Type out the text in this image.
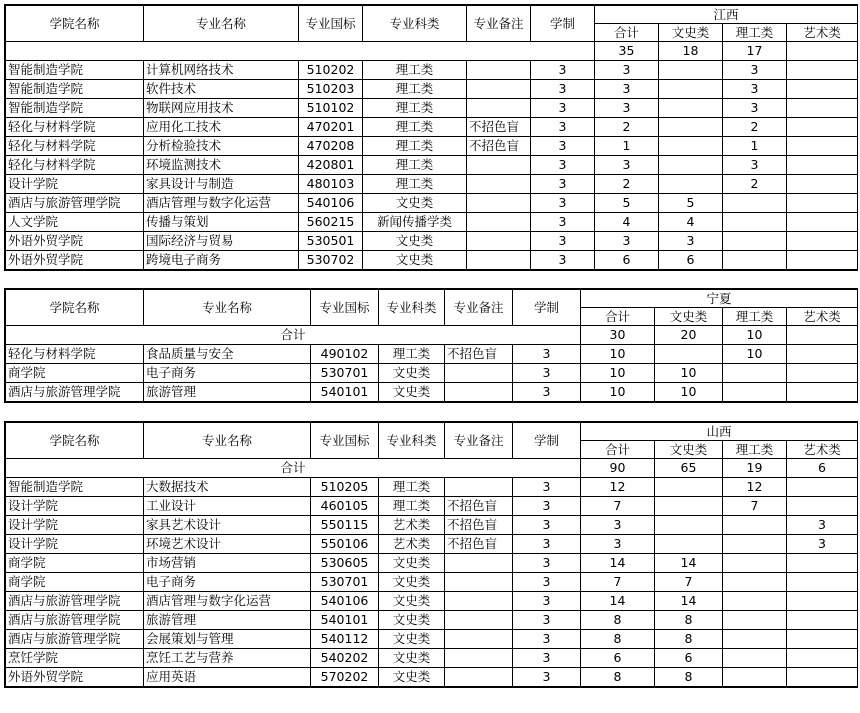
学院名称	专业名称	专业国标	专业科类	专业备注	学制	江西			
						合计	文史类	理工类	艺术类
						35	18	17	
智能制造学院	计算机网络技术	510202	理工类		3	3		3	
智能制造学院	软件技术	510203	理工类		3	3		3	
智能制造学院	物联网应用技术	510102	理工类		3	3		3	
轻化与材料学院	应用化工技术	470201	理工类	不招色盲	3	2		2	
轻化与材料学院	分析检验技术	470208	理工类	不招色盲	3	1		1	
轻化与材料学院	环境监测技术	420801	理工类		3	3		3	
设计学院	家具设计与制造	480103	理工类		3	2		2	
酒店与旅游管理学院	酒店管理与数字化运营	540106	文史类		3	5	5		
人文学院	传播与策划	560215	新闻传播学类		3	4	4		
外语外贸学院	国际经济与贸易	530501	文史类		3	3	3		
外语外贸学院	跨境电子商务	530702	文史类		3	6	6		
学院名称	专业名称	专业国标	专业科类	专业备注	学制	宁夏			
						合计	文史类	理工类	艺术类
合计						30	20	10	
轻化与材料学院	食品质量与安全	490102	理工类	不招色盲	3	10		10	
商学院	电子商务	530701	文史类		3	10	10		
酒店与旅游管理学院	旅游管理	540101	文史类		3	10	10		
学院名称	专业名称	专业国标	专业科类	专业备注	学制	山西			
						合计	文史类	理工类	艺术类
合计						90	65	19	6
智能制造学院	大数据技术	510205	理工类		3	12		12	
设计学院	工业设计	460105	理工类	不招色盲	3	7		7	
设计学院	家具艺术设计	550115	艺术类	不招色盲	3	3			3
设计学院	环境艺术设计	550106	艺术类	不招色盲	3	3			3
商学院	市场营销	530605	文史类		3	14	14		
商学院	电子商务	530701	文史类		3	7	7		
酒店与旅游管理学院	酒店管理与数字化运营	540106	文史类		3	14	14		
酒店与旅游管理学院	旅游管理	540101	文史类		3	8	8		
酒店与旅游管理学院	会展策划与管理	540112	文史类		3	8	8		
烹饪学院	烹饪工艺与营养	540202	文史类		3	6	6		
外语外贸学院	应用英语	570202	文史类		3	8	8		
